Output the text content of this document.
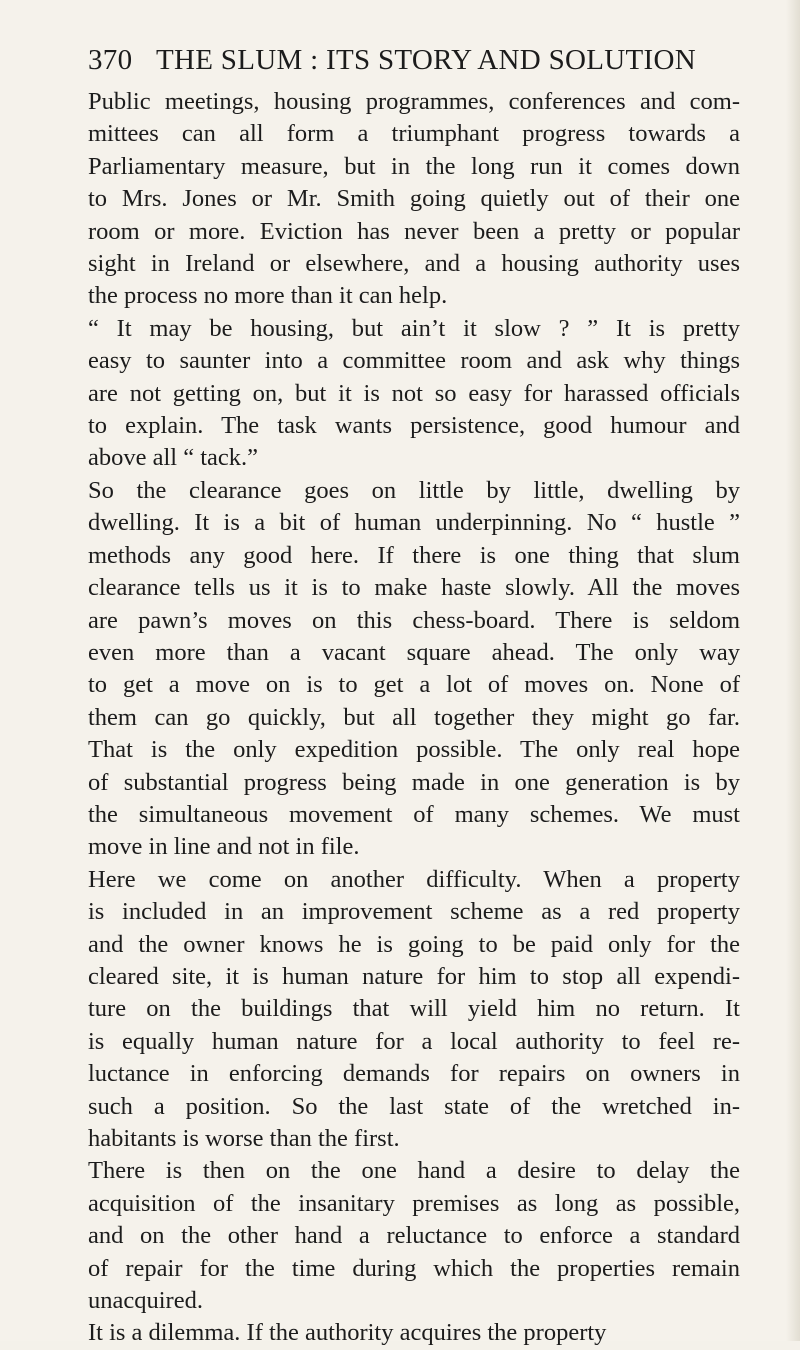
370 THE SLUM : ITS STORY AND SOLUTION
Public meetings, housing programmes, conferences and com-
mittees can all form a triumphant progress towards a
Parliamentary measure, but in the long run it comes down
to Mrs. Jones or Mr. Smith going quietly out of their one
room or more. Eviction has never been a pretty or popular
sight in Ireland or elsewhere, and a housing authority uses
the process no more than it can help.
“ It may be housing, but ain’t it slow ? ” It is pretty
easy to saunter into a committee room and ask why things
are not getting on, but it is not so easy for harassed officials
to explain. The task wants persistence, good humour and
above all “ tack.”
So the clearance goes on little by little, dwelling by
dwelling. It is a bit of human underpinning. No “ hustle ”
methods any good here. If there is one thing that slum
clearance tells us it is to make haste slowly. All the moves
are pawn’s moves on this chess-board. There is seldom
even more than a vacant square ahead. The only way
to get a move on is to get a lot of moves on. None of
them can go quickly, but all together they might go far.
That is the only expedition possible. The only real hope
of substantial progress being made in one generation is by
the simultaneous movement of many schemes. We must
move in line and not in file.
Here we come on another difficulty. When a property
is included in an improvement scheme as a red property
and the owner knows he is going to be paid only for the
cleared site, it is human nature for him to stop all expendi-
ture on the buildings that will yield him no return. It
is equally human nature for a local authority to feel re-
luctance in enforcing demands for repairs on owners in
such a position. So the last state of the wretched in-
habitants is worse than the first.
There is then on the one hand a desire to delay the
acquisition of the insanitary premises as long as possible,
and on the other hand a reluctance to enforce a standard
of repair for the time during which the properties remain
unacquired.
It is a dilemma. If the authority acquires the property
